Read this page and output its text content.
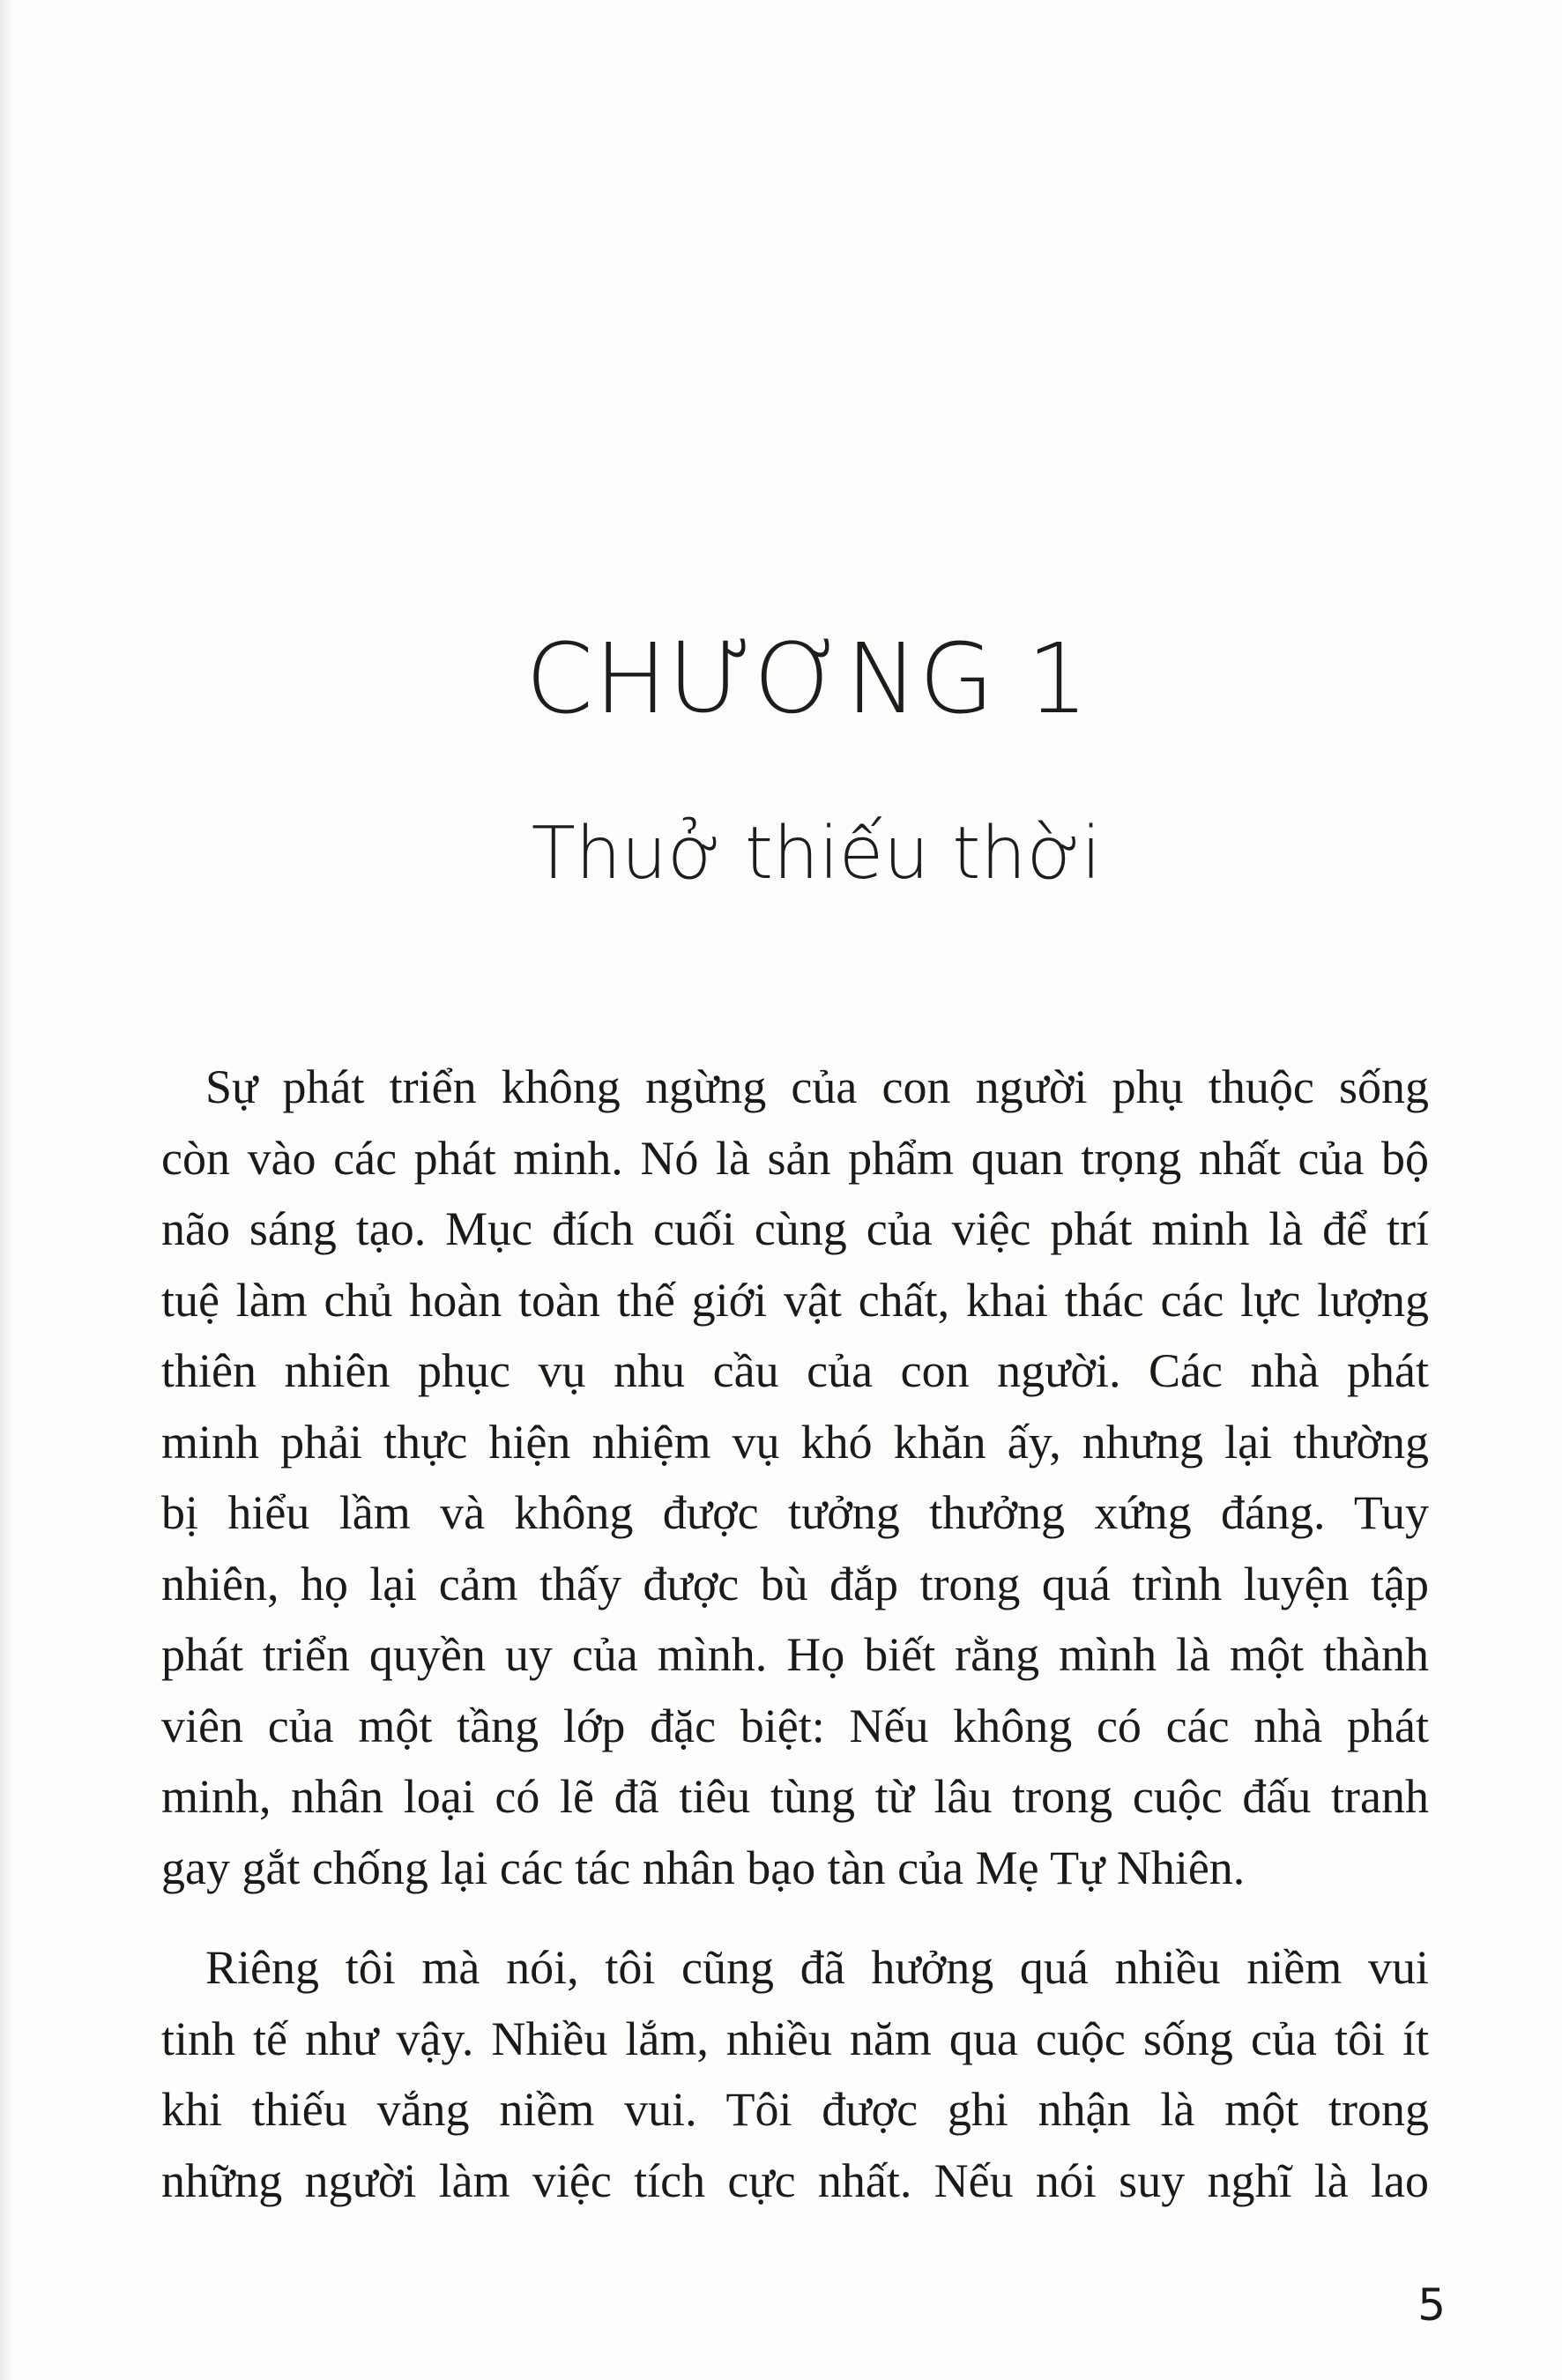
CHƯƠNG 1
Thuở thiếu thời
Sự phát triển không ngừng của con người phụ thuộc sống
còn vào các phát minh. Nó là sản phẩm quan trọng nhất của bộ
não sáng tạo. Mục đích cuối cùng của việc phát minh là để trí
tuệ làm chủ hoàn toàn thế giới vật chất, khai thác các lực lượng
thiên nhiên phục vụ nhu cầu của con người. Các nhà phát
minh phải thực hiện nhiệm vụ khó khăn ấy, nhưng lại thường
bị hiểu lầm và không được tưởng thưởng xứng đáng. Tuy
nhiên, họ lại cảm thấy được bù đắp trong quá trình luyện tập
phát triển quyền uy của mình. Họ biết rằng mình là một thành
viên của một tầng lớp đặc biệt: Nếu không có các nhà phát
minh, nhân loại có lẽ đã tiêu tùng từ lâu trong cuộc đấu tranh
gay gắt chống lại các tác nhân bạo tàn của Mẹ Tự Nhiên.
Riêng tôi mà nói, tôi cũng đã hưởng quá nhiều niềm vui
tinh tế như vậy. Nhiều lắm, nhiều năm qua cuộc sống của tôi ít
khi thiếu vắng niềm vui. Tôi được ghi nhận là một trong
những người làm việc tích cực nhất. Nếu nói suy nghĩ là lao
5
